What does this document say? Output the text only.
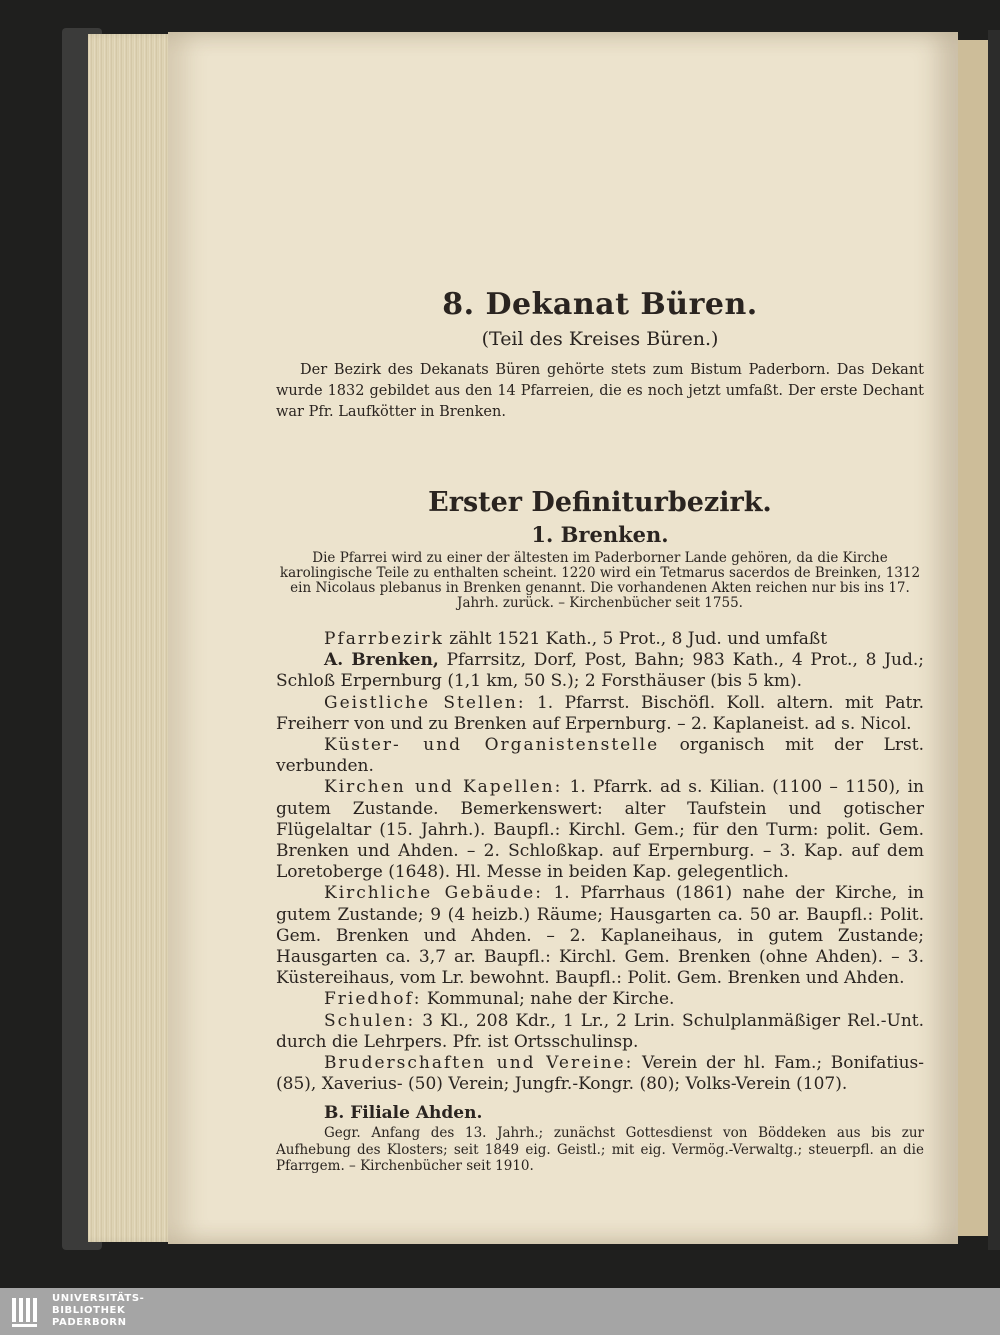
8. Dekanat Büren.
(Teil des Kreises Büren.)

Der Bezirk des Dekanats Büren gehörte stets zum Bistum Paderborn. Das Dekant wurde 1832 gebildet aus den 14 Pfarreien, die es noch jetzt umfaßt. Der erste Dechant war Pfr. Laufkötter in Brenken.

Erster Definiturbezirk.
1. Brenken.

Die Pfarrei wird zu einer der ältesten im Paderborner Lande gehören, da die Kirche karolingische Teile zu enthalten scheint. 1220 wird ein Tetmarus sacerdos de Breinken, 1312 ein Nicolaus plebanus in Brenken genannt. Die vorhandenen Akten reichen nur bis ins 17. Jahrh. zurück. – Kirchenbücher seit 1755.

Pfarrbezirk zählt 1521 Kath., 5 Prot., 8 Jud. und umfaßt

A. Brenken, Pfarrsitz, Dorf, Post, Bahn; 983 Kath., 4 Prot., 8 Jud.; Schloß Erpernburg (1,1 km, 50 S.); 2 Forsthäuser (bis 5 km).

Geistliche Stellen: 1. Pfarrst. Bischöfl. Koll. altern. mit Patr. Freiherr von und zu Brenken auf Erpernburg. – 2. Kaplaneist. ad s. Nicol.

Küster- und Organistenstelle organisch mit der Lrst. verbunden.

Kirchen und Kapellen: 1. Pfarrk. ad s. Kilian. (1100 – 1150), in gutem Zustande. Bemerkenswert: alter Taufstein und gotischer Flügelaltar (15. Jahrh.). Baupfl.: Kirchl. Gem.; für den Turm: polit. Gem. Brenken und Ahden. – 2. Schloßkap. auf Erpernburg. – 3. Kap. auf dem Loretoberge (1648). Hl. Messe in beiden Kap. gelegentlich.

Kirchliche Gebäude: 1. Pfarrhaus (1861) nahe der Kirche, in gutem Zustande; 9 (4 heizb.) Räume; Hausgarten ca. 50 ar. Baupfl.: Polit. Gem. Brenken und Ahden. – 2. Kaplaneihaus, in gutem Zustande; Hausgarten ca. 3,7 ar. Baupfl.: Kirchl. Gem. Brenken (ohne Ahden). – 3. Küstereihaus, vom Lr. bewohnt. Baupfl.: Polit. Gem. Brenken und Ahden.

Friedhof: Kommunal; nahe der Kirche.

Schulen: 3 Kl., 208 Kdr., 1 Lr., 2 Lrin. Schulplanmäßiger Rel.-Unt. durch die Lehrpers. Pfr. ist Ortsschulinsp.

Bruderschaften und Vereine: Verein der hl. Fam.; Bonifatius- (85), Xaverius- (50) Verein; Jungfr.-Kongr. (80); Volks-Verein (107).

B. Filiale Ahden.

Gegr. Anfang des 13. Jahrh.; zunächst Gottesdienst von Böddeken aus bis zur Aufhebung des Klosters; seit 1849 eig. Geistl.; mit eig. Vermög.-Verwaltg.; steuerpfl. an die Pfarrgem. – Kirchenbücher seit 1910.

UNIVERSITÄTS-
BIBLIOTHEK
PADERBORN
